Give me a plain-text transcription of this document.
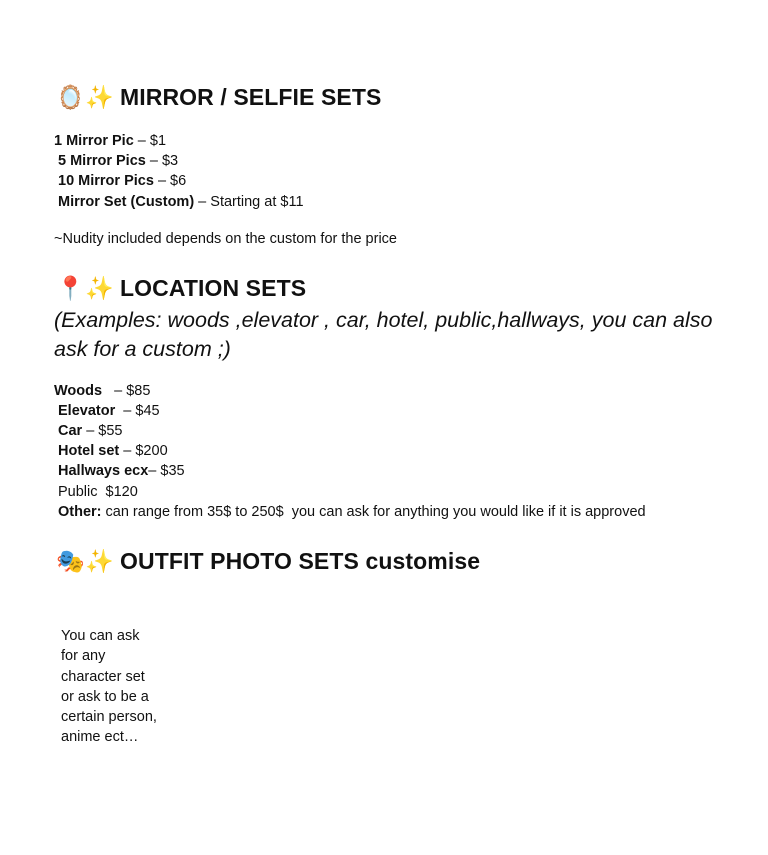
🪞 ✨ MIRROR / SELFIE SETS
1 Mirror Pic – $1
5 Mirror Pics – $3
10 Mirror Pics – $6
Mirror Set (Custom) – Starting at $11
~Nudity included depends on the custom for the price
📍 ✨ LOCATION SETS
(Examples: woods ,elevator , car, hotel, public,hallways, you can also ask for a custom ;)
Woods   – $85
Elevator  – $45
Car – $55
Hotel set – $200
Hallways ecx– $35
Public  $120
Other: can range from 35$ to 250$  you can ask for anything you would like if it is approved
🎭 ✨ OUTFIT PHOTO SETS customise
You can ask
for any
character set
or ask to be a
certain person,
anime ect…
